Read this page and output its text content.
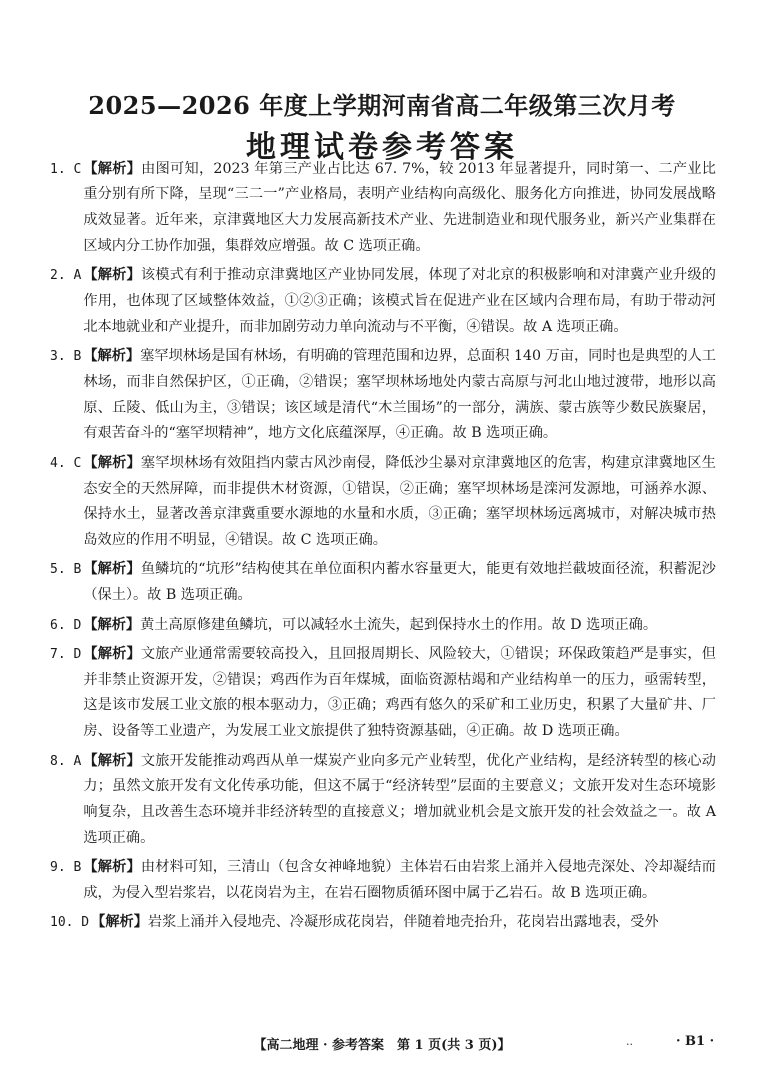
2025—2026 年度上学期河南省高二年级第三次月考
地理试卷参考答案
1. C 【解析】由图可知，2023 年第三产业占比达 67. 7%，较 2013 年显著提升，同时第一、二产业比重分别有所下降，呈现“三二一”产业格局，表明产业结构向高级化、服务化方向推进，协同发展战略成效显著。近年来，京津冀地区大力发展高新技术产业、先进制造业和现代服务业，新兴产业集群在区域内分工协作加强，集群效应增强。故 C 选项正确。
2. A 【解析】该模式有利于推动京津冀地区产业协同发展，体现了对北京的积极影响和对津冀产业升级的作用，也体现了区域整体效益，①②③正确；该模式旨在促进产业在区域内合理布局，有助于带动河北本地就业和产业提升，而非加剧劳动力单向流动与不平衡，④错误。故 A 选项正确。
3. B 【解析】塞罕坝林场是国有林场，有明确的管理范围和边界，总面积 140 万亩，同时也是典型的人工林场，而非自然保护区，①正确，②错误；塞罕坝林场地处内蒙古高原与河北山地过渡带，地形以高原、丘陵、低山为主，③错误；该区域是清代“木兰围场”的一部分，满族、蒙古族等少数民族聚居，有艰苦奋斗的“塞罕坝精神”，地方文化底蕴深厚，④正确。故 B 选项正确。
4. C 【解析】塞罕坝林场有效阻挡内蒙古风沙南侵，降低沙尘暴对京津冀地区的危害，构建京津冀地区生态安全的天然屏障，而非提供木材资源，①错误，②正确；塞罕坝林场是滦河发源地，可涵养水源、保持水土，显著改善京津冀重要水源地的水量和水质，③正确；塞罕坝林场远离城市，对解决城市热岛效应的作用不明显，④错误。故 C 选项正确。
5. B 【解析】鱼鳞坑的“坑形”结构使其在单位面积内蓄水容量更大，能更有效地拦截坡面径流，积蓄泥沙（保土）。故 B 选项正确。
6. D 【解析】黄土高原修建鱼鳞坑，可以减轻水土流失，起到保持水土的作用。故 D 选项正确。
7. D 【解析】文旅产业通常需要较高投入，且回报周期长、风险较大，①错误；环保政策趋严是事实，但并非禁止资源开发，②错误；鸡西作为百年煤城，面临资源枯竭和产业结构单一的压力，亟需转型，这是该市发展工业文旅的根本驱动力，③正确；鸡西有悠久的采矿和工业历史，积累了大量矿井、厂房、设备等工业遗产，为发展工业文旅提供了独特资源基础，④正确。故 D 选项正确。
8. A 【解析】文旅开发能推动鸡西从单一煤炭产业向多元产业转型，优化产业结构，是经济转型的核心动力；虽然文旅开发有文化传承功能，但这不属于“经济转型”层面的主要意义；文旅开发对生态环境影响复杂，且改善生态环境并非经济转型的直接意义；增加就业机会是文旅开发的社会效益之一。故 A 选项正确。
9. B 【解析】由材料可知，三清山（包含女神峰地貌）主体岩石由岩浆上涌并入侵地壳深处、冷却凝结而成，为侵入型岩浆岩，以花岗岩为主，在岩石圈物质循环图中属于乙岩石。故 B 选项正确。
10. D 【解析】岩浆上涌并入侵地壳、冷凝形成花岗岩，伴随着地壳抬升，花岗岩出露地表，受外
【高二地理 · 参考答案　第 1 页(共 3 页)】	..	· B1 ·
